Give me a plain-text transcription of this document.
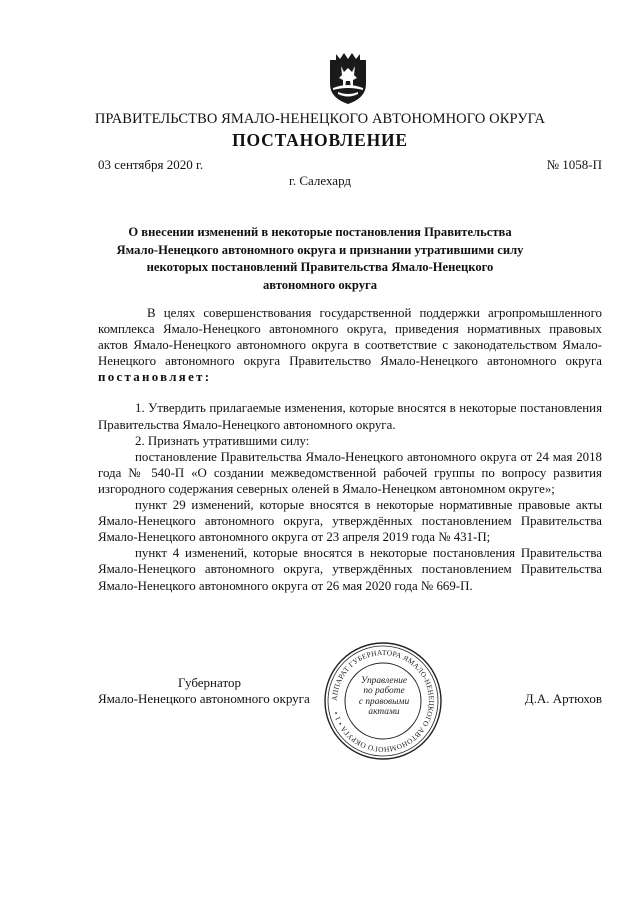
ПРАВИТЕЛЬСТВО ЯМАЛО-НЕНЕЦКОГО АВТОНОМНОГО ОКРУГА
ПОСТАНОВЛЕНИЕ
03 сентября 2020 г.	№ 1058-П
г. Салехард
О внесении изменений в некоторые постановления Правительства
Ямало-Ненецкого автономного округа и признании утратившими силу
некоторых постановлений Правительства Ямало-Ненецкого
автономного округа

В целях совершенствования государственной поддержки агропромышленного комплекса Ямало-Ненецкого автономного округа, приведения нормативных правовых актов Ямало-Ненецкого автономного округа в соответствие с законодательством Ямало-Ненецкого автономного округа Правительство Ямало-Ненецкого автономного округа

постановляет:

1. Утвердить прилагаемые изменения, которые вносятся в некоторые постановления Правительства Ямало-Ненецкого автономного округа.

2. Признать утратившими силу:

постановление Правительства Ямало-Ненецкого автономного округа от 24 мая 2018 года № 540-П «О создании межведомственной рабочей группы по вопросу развития изгородного содержания северных оленей в Ямало-Ненецком автономном округе»;

пункт 29 изменений, которые вносятся в некоторые нормативные правовые акты Ямало-Ненецкого автономного округа, утверждённых постановлением Правительства Ямало-Ненецкого автономного округа от 23 апреля 2019 года № 431-П;

пункт 4 изменений, которые вносятся в некоторые постановления Правительства Ямало-Ненецкого автономного округа, утверждённых постановлением Правительства Ямало-Ненецкого автономного округа от 26 мая 2020 года № 669-П.

Губернатор
Ямало-Ненецкого автономного округа	Д.А. Артюхов
АППАРАТ ГУБЕРНАТОРА ЯМАЛО-НЕНЕЦКОГО АВТОНОМНОГО ОКРУГА • 1 •
Управление
по работе
с правовыми
актами
